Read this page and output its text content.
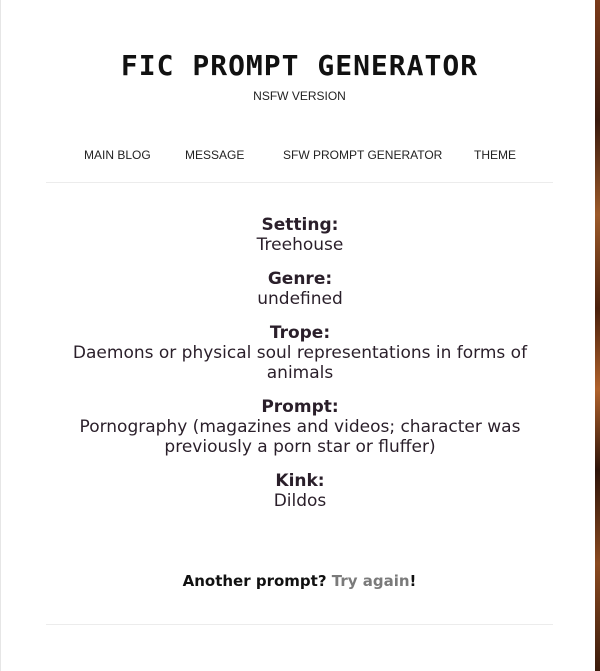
FIC PROMPT GENERATOR
NSFW VERSION
MAIN BLOG	MESSAGE	SFW PROMPT GENERATOR	THEME
Setting:
Treehouse
Genre:
undefined
Trope:
Daemons or physical soul representations in forms of animals
Prompt:
Pornography (magazines and videos; character was previously a porn star or fluffer)
Kink:
Dildos
Another prompt? Try again!
